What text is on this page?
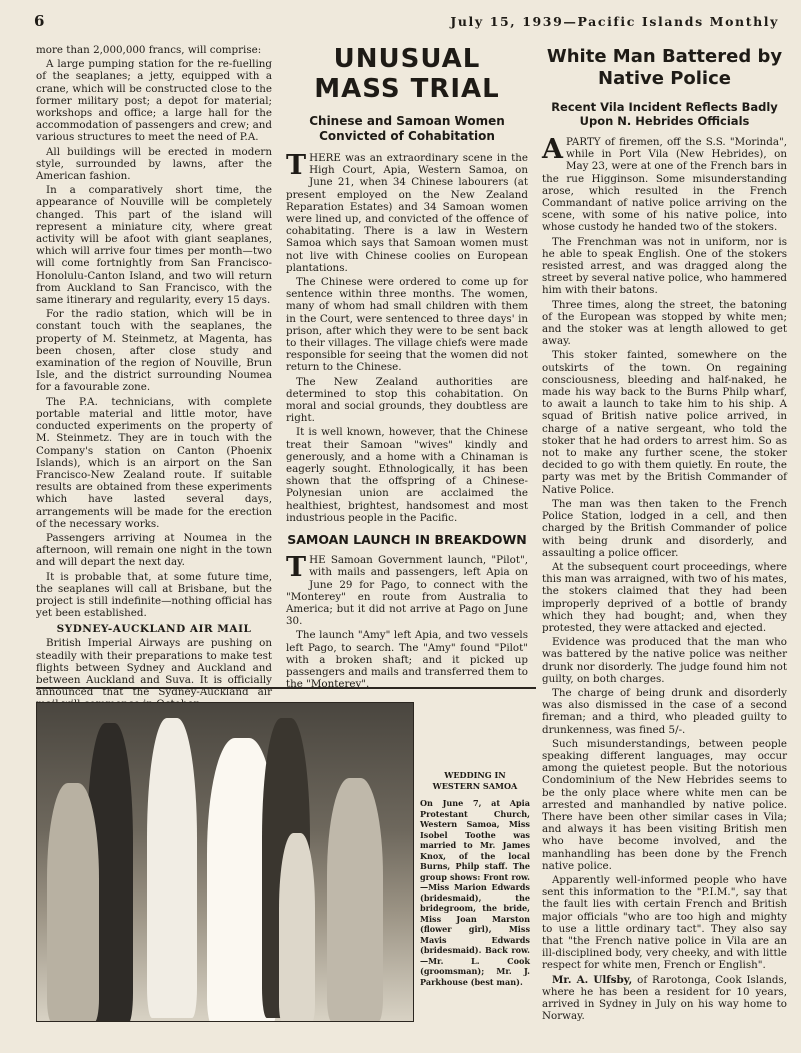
6	July 15, 1939—Pacific Islands Monthly

more than 2,000,000 francs, will comprise:

A large pumping station for the re-fuelling of the seaplanes; a jetty, equipped with a crane, which will be constructed close to the former military post; a depot for material; workshops and office; a large hall for the accommodation of passengers and crew; and various structures to meet the need of P.A.

All buildings will be erected in modern style, surrounded by lawns, after the American fashion.

In a comparatively short time, the appearance of Nouville will be completely changed. This part of the island will represent a miniature city, where great activity will be afoot with giant seaplanes, which will arrive four times per month—two will come fortnightly from San Francisco-Honolulu-Canton Island, and two will return from Auckland to San Francisco, with the same itinerary and regularity, every 15 days.

For the radio station, which will be in constant touch with the seaplanes, the property of M. Steinmetz, at Magenta, has been chosen, after close study and examination of the region of Nouville, Brun Isle, and the district surrounding Noumea for a favourable zone.

The P.A. technicians, with complete portable material and little motor, have conducted experiments on the property of M. Steinmetz. They are in touch with the Company's station on Canton (Phoenix Islands), which is an airport on the San Francisco-New Zealand route. If suitable results are obtained from these experiments which have lasted several days, arrangements will be made for the erection of the necessary works.

Passengers arriving at Noumea in the afternoon, will remain one night in the town and will depart the next day.

It is probable that, at some future time, the seaplanes will call at Brisbane, but the project is still indefinite—nothing official has yet been established.

SYDNEY-AUCKLAND AIR MAIL

British Imperial Airways are pushing on steadily with their preparations to make test flights between Sydney and Auckland and between Auckland and Suva. It is officially announced that the Sydney-Auckland air

UNUSUAL MASS TRIAL
Chinese and Samoan Women Convicted of Cohabitation

THERE was an extraordinary scene in the High Court, Apia, Western Samoa, on June 21, when 34 Chinese labourers (at present employed on the New Zealand Reparation Estates) and 34 Samoan women were lined up, and convicted of the offence of cohabitating. There is a law in Western Samoa which says that Samoan women must not live with Chinese coolies on European plantations.

The Chinese were ordered to come up for sentence within three months. The women, many of whom had small children with them in the Court, were sentenced to three days' in prison, after which they were to be sent back to their villages. The village chiefs were made responsible for seeing that the women did not return to the Chinese.

The New Zealand authorities are determined to stop this cohabitation. On moral and social grounds, they doubtless are right.

It is well known, however, that the Chinese treat their Samoan "wives" kindly and generously, and a home with a Chinaman is eagerly sought. Ethnologically, it has been shown that the offspring of a Chinese-Polynesian union are acclaimed the healthiest, brightest, handsomest and most industrious people in the Pacific.

SAMOAN LAUNCH IN BREAKDOWN

THE Samoan Government launch, "Pilot", with mails and passengers, left Apia on June 29 for Pago, to connect with the "Monterey" en route from Australia to America; but it did not arrive at Pago on June 30.

The launch "Amy" left Apia, and two vessels left Pago, to search. The "Amy" found "Pilot" with a broken shaft; and it picked up passengers and mails and transferred them to the "Monterey".

White Man Battered by Native Police
Recent Vila Incident Reflects Badly Upon N. Hebrides Officials

APARTY of firemen, off the S.S. "Morinda", while in Port Vila (New Hebrides), on May 23, were at one of the French bars in the rue Higginson. Some misunderstanding arose, which resulted in the French Commandant of native police arriving on the scene, with some of his native police, into whose custody he handed two of the stokers.

The Frenchman was not in uniform, nor is he able to speak English. One of the stokers resisted arrest, and was dragged along the street by several native police, who hammered him with their batons.

Three times, along the street, the batoning of the European was stopped by white men; and the stoker was at length allowed to get away.

This stoker fainted, somewhere on the outskirts of the town. On regaining consciousness, bleeding and half-naked, he made his way back to the Burns Philp wharf, to await a launch to take him to his ship. A squad of British native police arrived, in charge of a native sergeant, who told the stoker that he had orders to arrest him. So as not to make any further scene, the stoker decided to go with them quietly. En route, the party was met by the British Commander of Native Police.

The man was then taken to the French Police Station, lodged in a cell, and then charged by the British Commander of police with being drunk and disorderly, and assaulting a police officer.

At the subsequent court proceedings, where this man was arraigned, with two of his mates, the stokers claimed that they had been improperly deprived of a bottle of brandy which they had bought; and, when they protested, they were attacked and ejected.

Evidence was produced that the man who was battered by the native police was neither drunk nor disorderly. The judge found him not guilty, on both charges.

The charge of being drunk and disorderly was also dismissed in the case of a second fireman; and a third, who pleaded guilty to drunkenness, was fined 5/-.

Such misunderstandings, between people speaking different languages, may occur among the quietest people. But the notorious Condominium of the New Hebrides seems to be the only place where white men can be arrested and manhandled by native police. There have been other similar cases in Vila; and always it has been visiting British men who have become involved, and the manhandling has been done by the French native police.

Apparently well-informed people who have sent this information to the "P.I.M.", say that the fault lies with certain French and British major officials "who are too high and mighty to use a little ordinary tact". They also say that "the French native police in Vila are an ill-disciplined body, very cheeky, and with little respect for white men, French or English".

Mr. A. Ulfsby, of Rarotonga, Cook Islands, where he has been a resident for 10 years, arrived in Sydney in July on his way home to Norway.

WEDDING IN WESTERN SAMOA

On June 7, at Apia Protestant Church, Western Samoa, Miss Isobel Toothe was married to Mr. James Knox, of the local Burns, Philp staff. The group shows: Front row.—Miss Marion Edwards (bridesmaid), the bridegroom, the bride, Miss Joan Marston (flower girl), Miss Mavis Edwards (bridesmaid). Back row.—Mr. L. Cook (groomsman); Mr. J. Parkhouse (best man).
